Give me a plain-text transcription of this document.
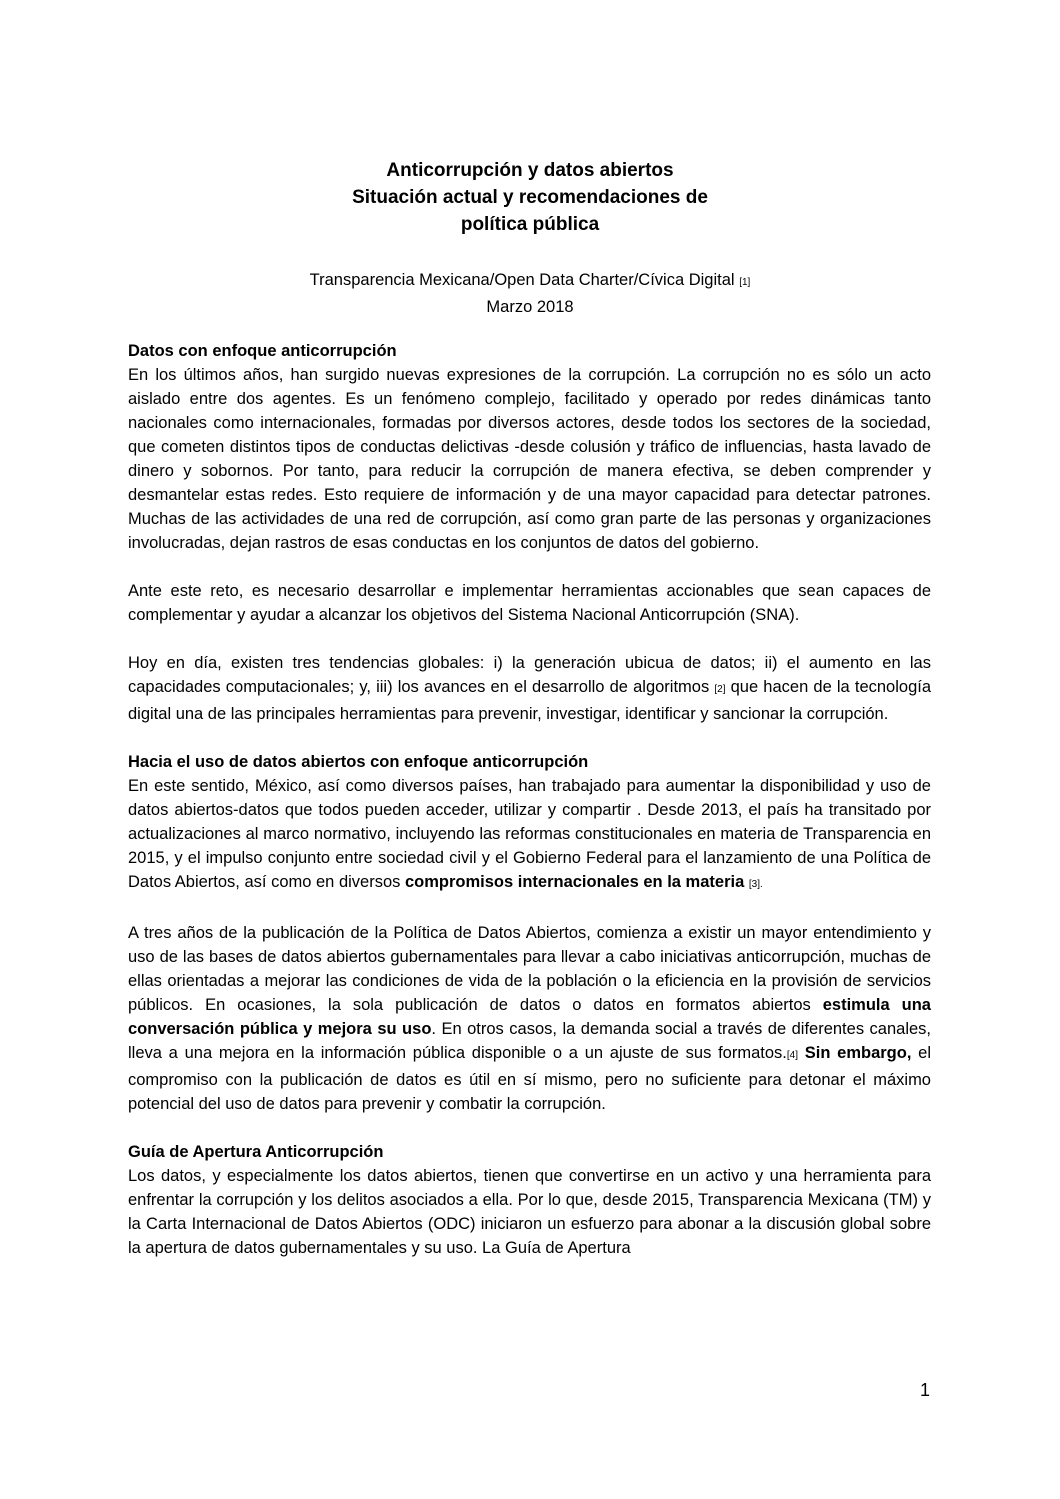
Anticorrupción y datos abiertos
Situación actual y recomendaciones de
política pública
Transparencia Mexicana/Open Data Charter/Cívica Digital [1]
Marzo 2018
Datos con enfoque anticorrupción
En los últimos años, han surgido nuevas expresiones de la corrupción. La corrupción no es sólo un acto aislado entre dos agentes. Es un fenómeno complejo, facilitado y operado por redes dinámicas tanto nacionales como internacionales, formadas por diversos actores, desde todos los sectores de la sociedad, que cometen distintos tipos de conductas delictivas -desde colusión y tráfico de influencias, hasta lavado de dinero y sobornos. Por tanto, para reducir la corrupción de manera efectiva, se deben comprender y desmantelar estas redes. Esto requiere de información y de una mayor capacidad para detectar patrones. Muchas de las actividades de una red de corrupción, así como gran parte de las personas y organizaciones involucradas, dejan rastros de esas conductas en los conjuntos de datos del gobierno.
Ante este reto, es necesario desarrollar e implementar herramientas accionables que sean capaces de complementar y ayudar a alcanzar los objetivos del Sistema Nacional Anticorrupción (SNA).
Hoy en día, existen tres tendencias globales: i) la generación ubicua de datos; ii) el aumento en las capacidades computacionales; y, iii) los avances en el desarrollo de algoritmos [2] que hacen de la tecnología digital una de las principales herramientas para prevenir, investigar, identificar y sancionar la corrupción.
Hacia el uso de datos abiertos con enfoque anticorrupción
En este sentido, México, así como diversos países, han trabajado para aumentar la disponibilidad y uso de datos abiertos-datos que todos pueden acceder, utilizar y compartir . Desde 2013, el país ha transitado por actualizaciones al marco normativo, incluyendo las reformas constitucionales en materia de Transparencia en 2015, y el impulso conjunto entre sociedad civil y el Gobierno Federal para el lanzamiento de una Política de Datos Abiertos, así como en diversos compromisos internacionales en la materia [3].
A tres años de la publicación de la Política de Datos Abiertos, comienza a existir un mayor entendimiento y uso de las bases de datos abiertos gubernamentales para llevar a cabo iniciativas anticorrupción, muchas de ellas orientadas a mejorar las condiciones de vida de la población o la eficiencia en la provisión de servicios públicos. En ocasiones, la sola publicación de datos o datos en formatos abiertos estimula una conversación pública y mejora su uso. En otros casos, la demanda social a través de diferentes canales, lleva a una mejora en la información pública disponible o a un ajuste de sus formatos.[4] Sin embargo, el compromiso con la publicación de datos es útil en sí mismo, pero no suficiente para detonar el máximo potencial del uso de datos para prevenir y combatir la corrupción.
Guía de Apertura Anticorrupción
Los datos, y especialmente los datos abiertos, tienen que convertirse en un activo y una herramienta para enfrentar la corrupción y los delitos asociados a ella. Por lo que, desde 2015, Transparencia Mexicana (TM) y la Carta Internacional de Datos Abiertos (ODC) iniciaron un esfuerzo para abonar a la discusión global sobre la apertura de datos gubernamentales y su uso. La Guía de Apertura
1
